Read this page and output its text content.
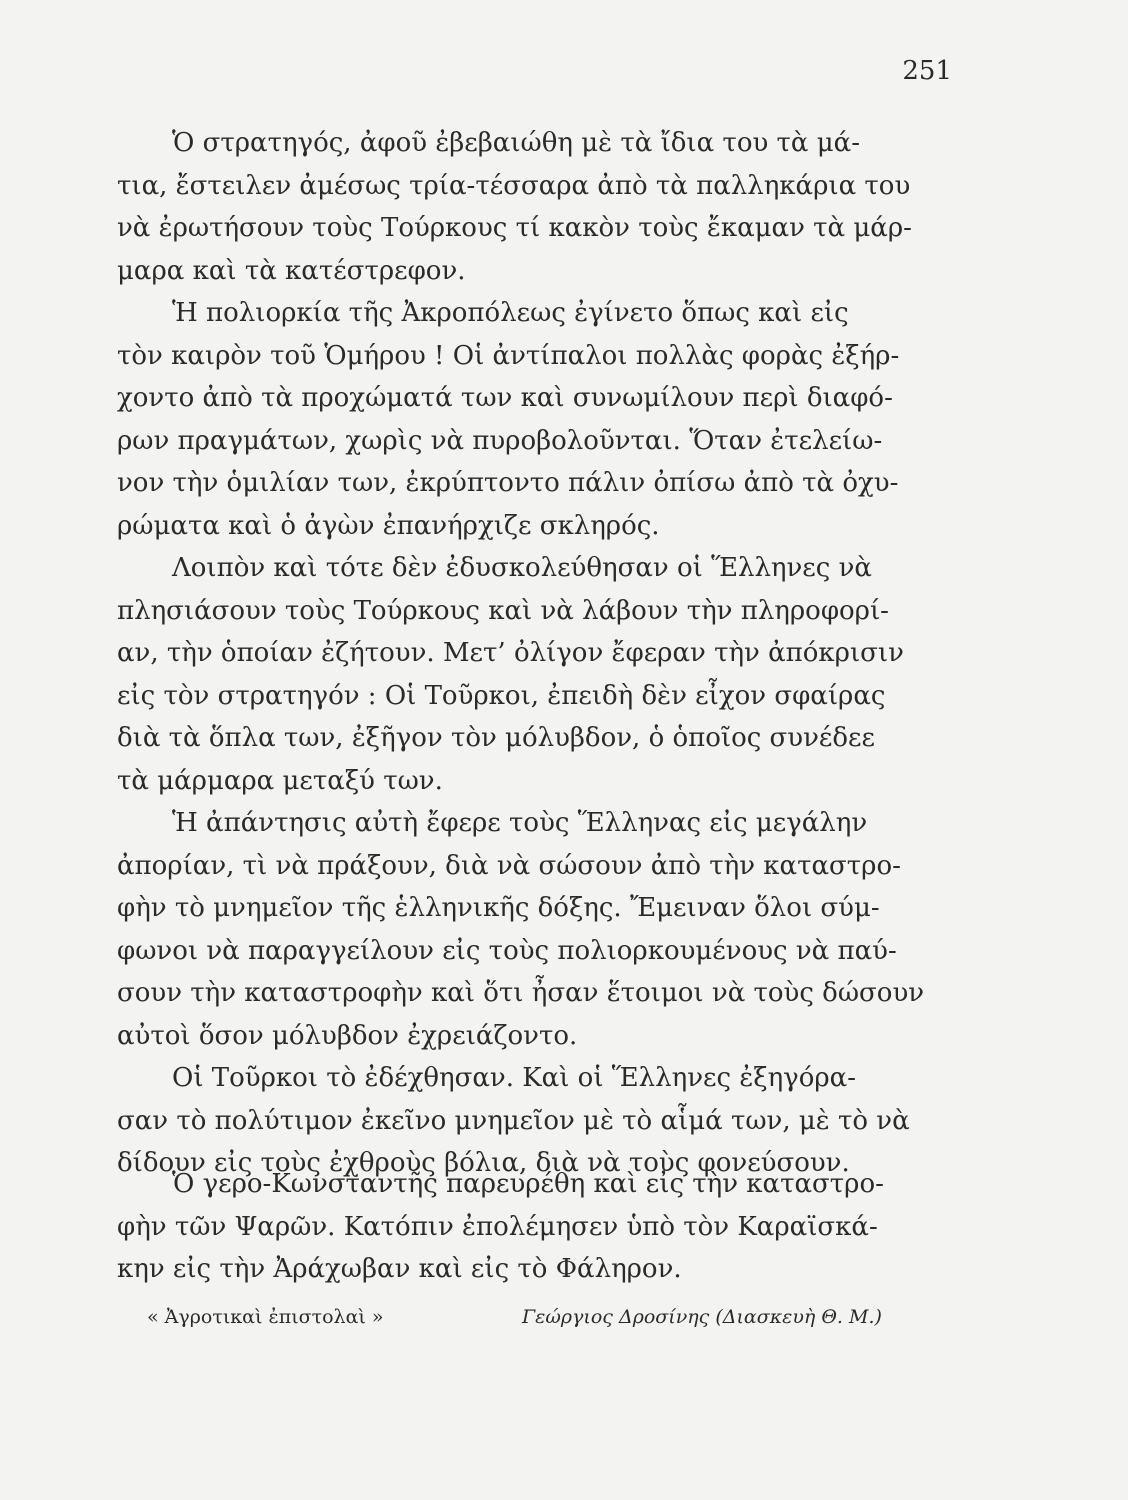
251
Ὁ στρατηγός, ἀφοῦ ἐβεβαιώθη μὲ τὰ ἴδια του τὰ μά-
τια, ἔστειλεν ἀμέσως τρία-τέσσαρα ἀπὸ τὰ παλληκάρια του
νὰ ἐρωτήσουν τοὺς Τούρκους τί κακὸν τοὺς ἔκαμαν τὰ μάρ-
μαρα καὶ τὰ κατέστρεφον.
Ἡ πολιορκία τῆς Ἀκροπόλεως ἐγίνετο ὅπως καὶ εἰς
τὸν καιρὸν τοῦ Ὁμήρου ! Οἱ ἀντίπαλοι πολλὰς φορὰς ἐξήρ-
χοντο ἀπὸ τὰ προχώματά των καὶ συνωμίλουν περὶ διαφό-
ρων πραγμάτων, χωρὶς νὰ πυροβολοῦνται. Ὅταν ἐτελείω-
νον τὴν ὁμιλίαν των, ἐκρύπτοντο πάλιν ὀπίσω ἀπὸ τὰ ὀχυ-
ρώματα καὶ ὁ ἀγὼν ἐπανήρχιζε σκληρός.
Λοιπὸν καὶ τότε δὲν ἐδυσκολεύθησαν οἱ Ἕλληνες νὰ
πλησιάσουν τοὺς Τούρκους καὶ νὰ λάβουν τὴν πληροφορί-
αν, τὴν ὁποίαν ἐζήτουν. Μετ’ ὀλίγον ἔφεραν τὴν ἀπόκρισιν
εἰς τὸν στρατηγόν : Οἱ Τοῦρκοι, ἐπειδὴ δὲν εἶχον σφαίρας
διὰ τὰ ὅπλα των, ἐξῆγον τὸν μόλυβδον, ὁ ὁποῖος συνέδεε
τὰ μάρμαρα μεταξύ των.
Ἡ ἀπάντησις αὐτὴ ἔφερε τοὺς Ἕλληνας εἰς μεγάλην
ἀπορίαν, τὶ νὰ πράξουν, διὰ νὰ σώσουν ἀπὸ τὴν καταστρο-
φὴν τὸ μνημεῖον τῆς ἑλληνικῆς δόξης. Ἔμειναν ὅλοι σύμ-
φωνοι νὰ παραγγείλουν εἰς τοὺς πολιορκουμένους νὰ παύ-
σουν τὴν καταστροφὴν καὶ ὅτι ἦσαν ἕτοιμοι νὰ τοὺς δώσουν
αὐτοὶ ὅσον μόλυβδον ἐχρειάζοντο.
Οἱ Τοῦρκοι τὸ ἐδέχθησαν. Καὶ οἱ Ἕλληνες ἐξηγόρα-
σαν τὸ πολύτιμον ἐκεῖνο μνημεῖον μὲ τὸ αἷμά των, μὲ τὸ νὰ
δίδουν εἰς τοὺς ἐχθροὺς βόλια, διὰ νὰ τοὺς φονεύσουν.
Ὁ γερο-Κωνσταντῆς παρευρέθη καὶ εἰς τὴν καταστρο-
φὴν τῶν Ψαρῶν. Κατόπιν ἐπολέμησεν ὑπὸ τὸν Καραϊσκά-
κην εἰς τὴν Ἀράχωβαν καὶ εἰς τὸ Φάληρον.
« Ἀγροτικαὶ ἐπιστολαὶ »	Γεώργιος Δροσίνης (Διασκευὴ Θ. Μ.)
